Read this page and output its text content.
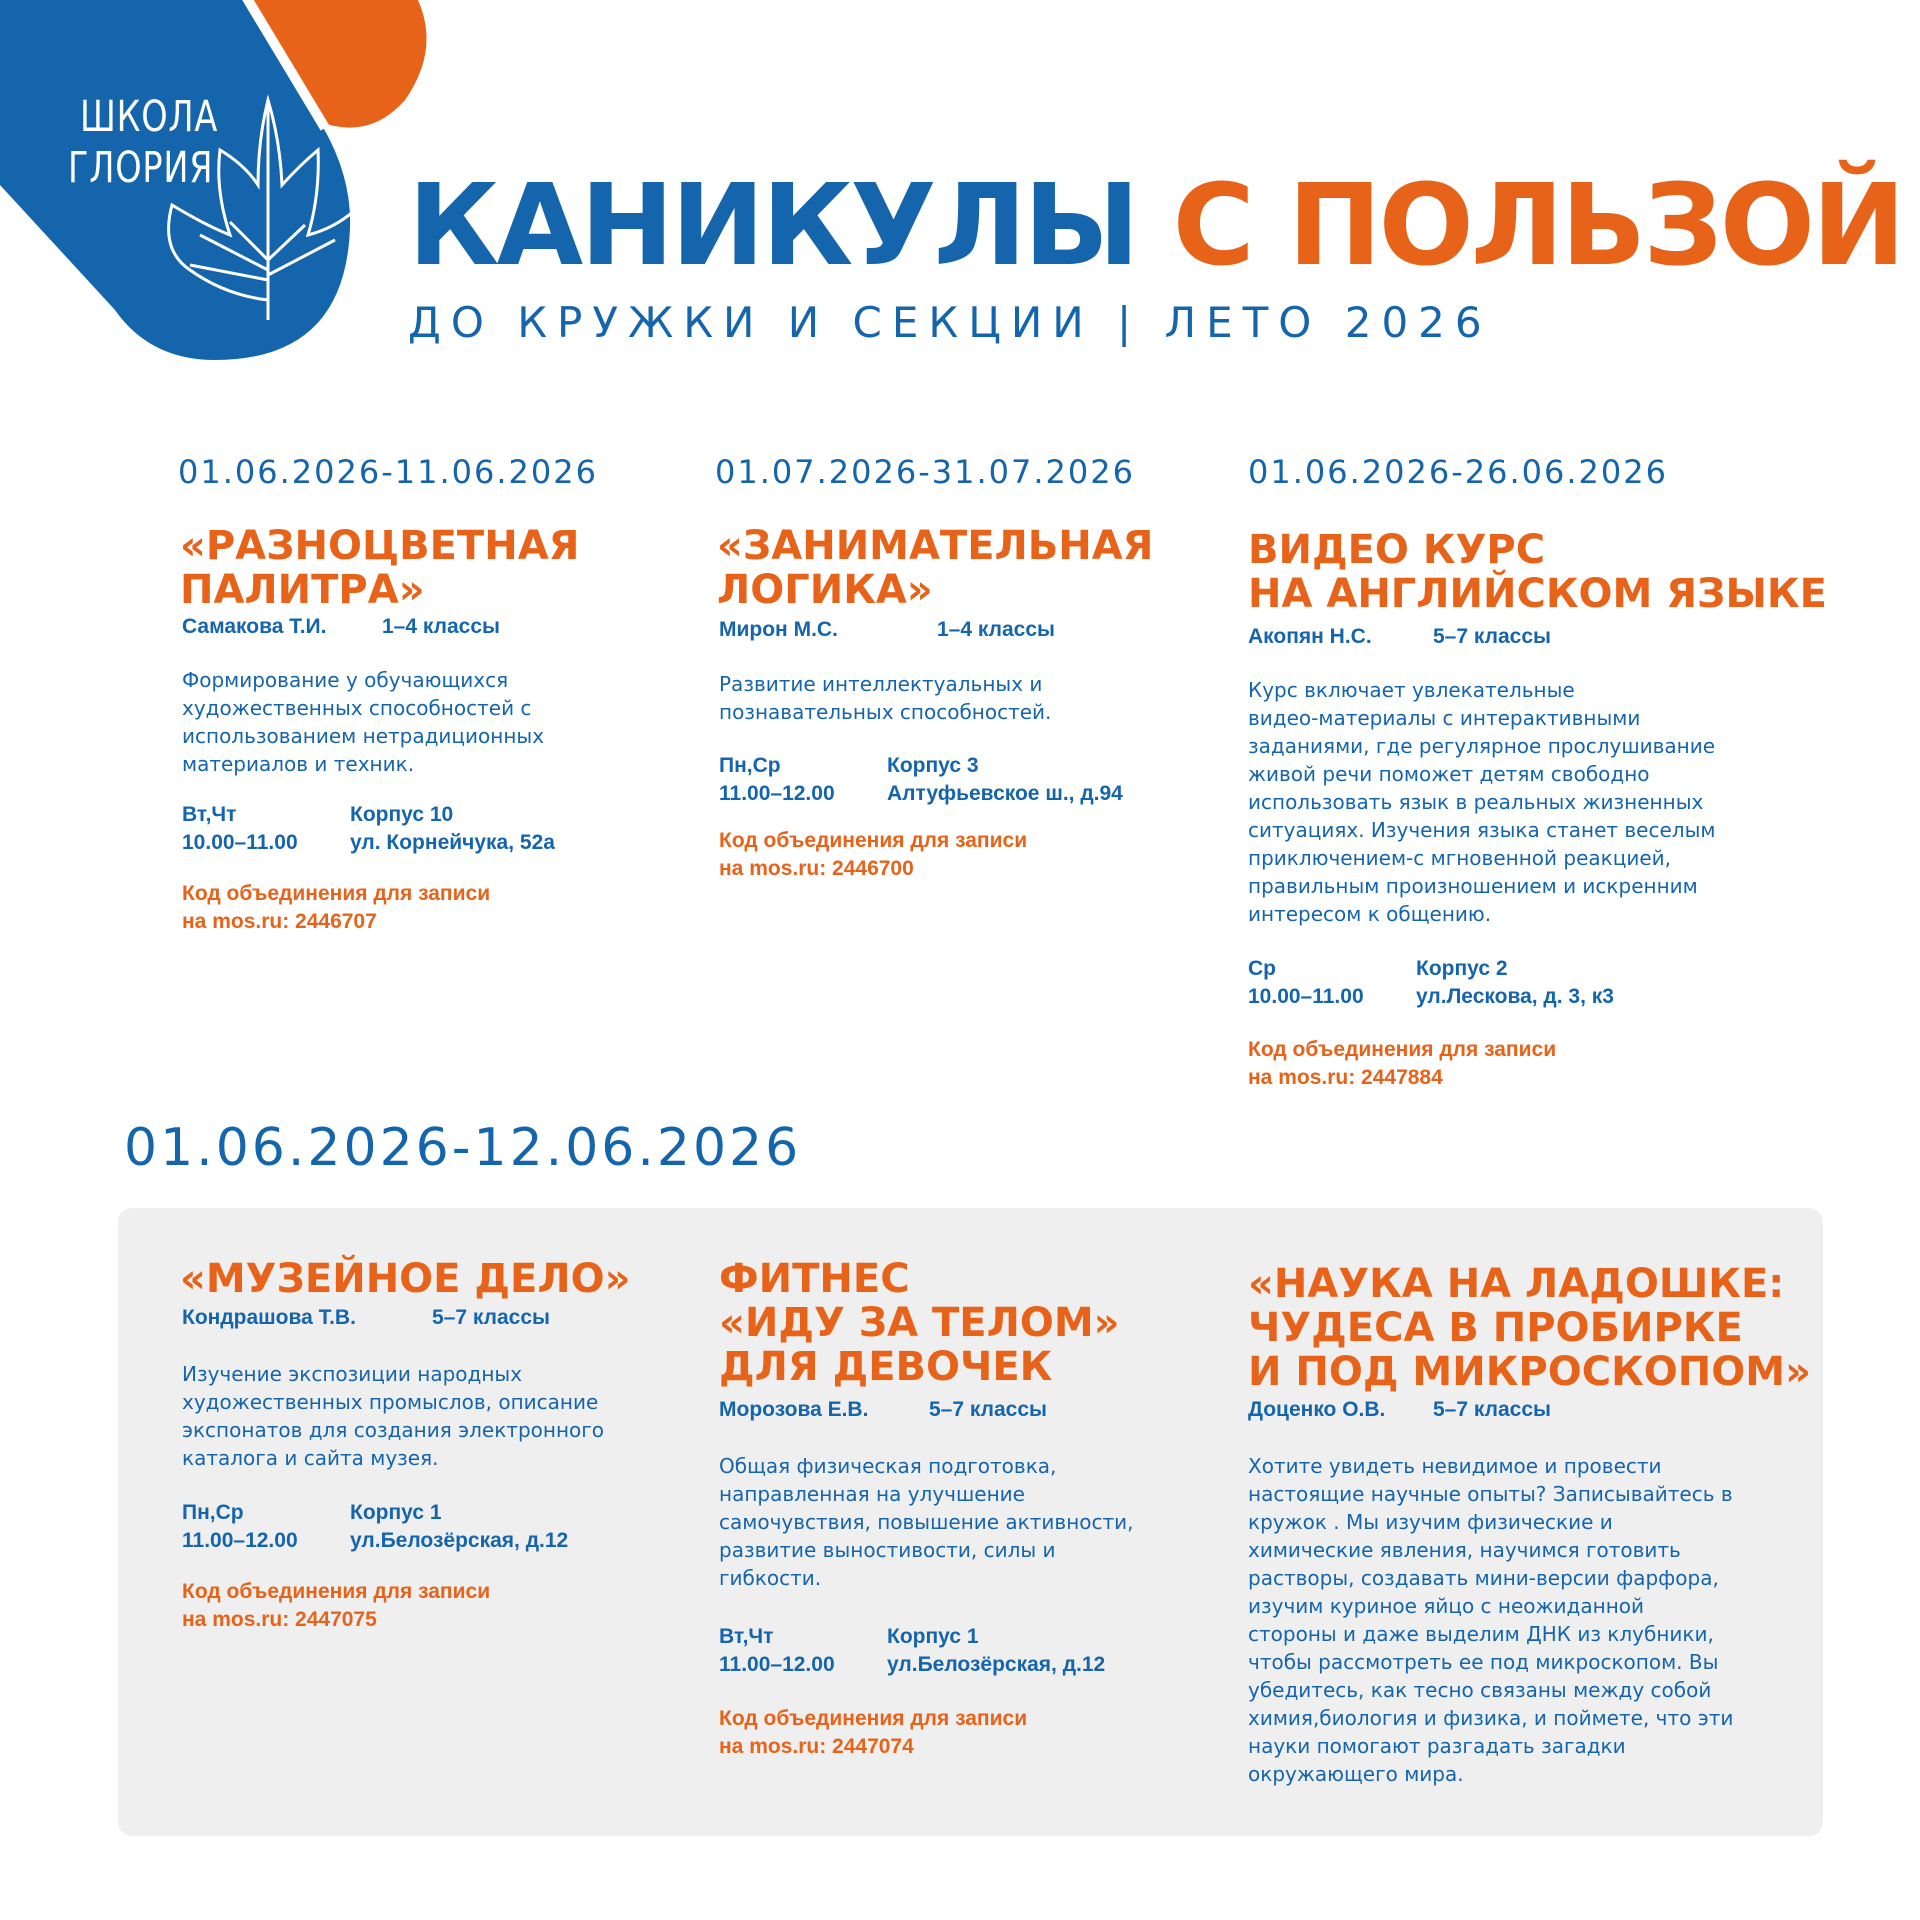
ШКОЛА
ГЛОРИЯ КАНИКУЛЫ С ПОЛЬЗОЙ
ДО КРУЖКИ И СЕКЦИИ | ЛЕТО 2026
01.06.2026-11.06.2026
«РАЗНОЦВЕТНАЯ
ПАЛИТРА»
Самакова Т.И.	1–4 классы
Формирование у обучающихся
художественных способностей с
использованием нетрадиционных
материалов и техник.
Вт,Чт
10.00–11.00
Корпус 10
ул. Корнейчука, 52а
Код объединения для записи
на mos.ru: 2446707
01.07.2026-31.07.2026
«ЗАНИМАТЕЛЬНАЯ
ЛОГИКА»
Мирон М.С.	1–4 классы
Развитие интеллектуальных и
познавательных способностей.
Пн,Ср
11.00–12.00
Корпус 3
Алтуфьевское ш., д.94
Код объединения для записи
на mos.ru: 2446700
01.06.2026-26.06.2026
ВИДЕО КУРС
НА АНГЛИЙСКОМ ЯЗЫКЕ
Акопян Н.С.	5–7 классы
Курс включает увлекательные
видео-материалы с интерактивными
заданиями, где регулярное прослушивание
живой речи поможет детям свободно
использовать язык в реальных жизненных
ситуациях. Изучения языка станет веселым
приключением-с мгновенной реакцией,
правильным произношением и искренним
интересом к общению.
Ср
10.00–11.00
Корпус 2
ул.Лескова, д. 3, к3
Код объединения для записи
на mos.ru: 2447884
01.06.2026-12.06.2026
«МУЗЕЙНОЕ ДЕЛО»
Кондрашова Т.В.	5–7 классы
Изучение экспозиции народных
художественных промыслов, описание
экспонатов для создания электронного
каталога и сайта музея.
Пн,Ср
11.00–12.00
Корпус 1
ул.Белозёрская, д.12
Код объединения для записи
на mos.ru: 2447075
ФИТНЕС
«ИДУ ЗА ТЕЛОМ»
ДЛЯ ДЕВОЧЕК
Морозова Е.В.	5–7 классы
Общая физическая подготовка,
направленная на улучшение
самочувствия, повышение активности,
развитие выностивости, силы и
гибкости.
Вт,Чт
11.00–12.00
Корпус 1
ул.Белозёрская, д.12
Код объединения для записи
на mos.ru: 2447074
«НАУКА НА ЛАДОШКЕ:
ЧУДЕСА В ПРОБИРКЕ
И ПОД МИКРОСКОПОМ»
Доценко О.В. 5–7 классы
Хотите увидеть невидимое и провести
настоящие научные опыты? Записывайтесь в
кружок . Мы изучим физические и
химические явления, научимся готовить
растворы, создавать мини-версии фарфора,
изучим куриное яйцо с неожиданной
стороны и даже выделим ДНК из клубники,
чтобы рассмотреть ее под микроскопом. Вы
убедитесь, как тесно связаны между собой
химия,биология и физика, и поймете, что эти
науки помогают разгадать загадки
окружающего мира.
